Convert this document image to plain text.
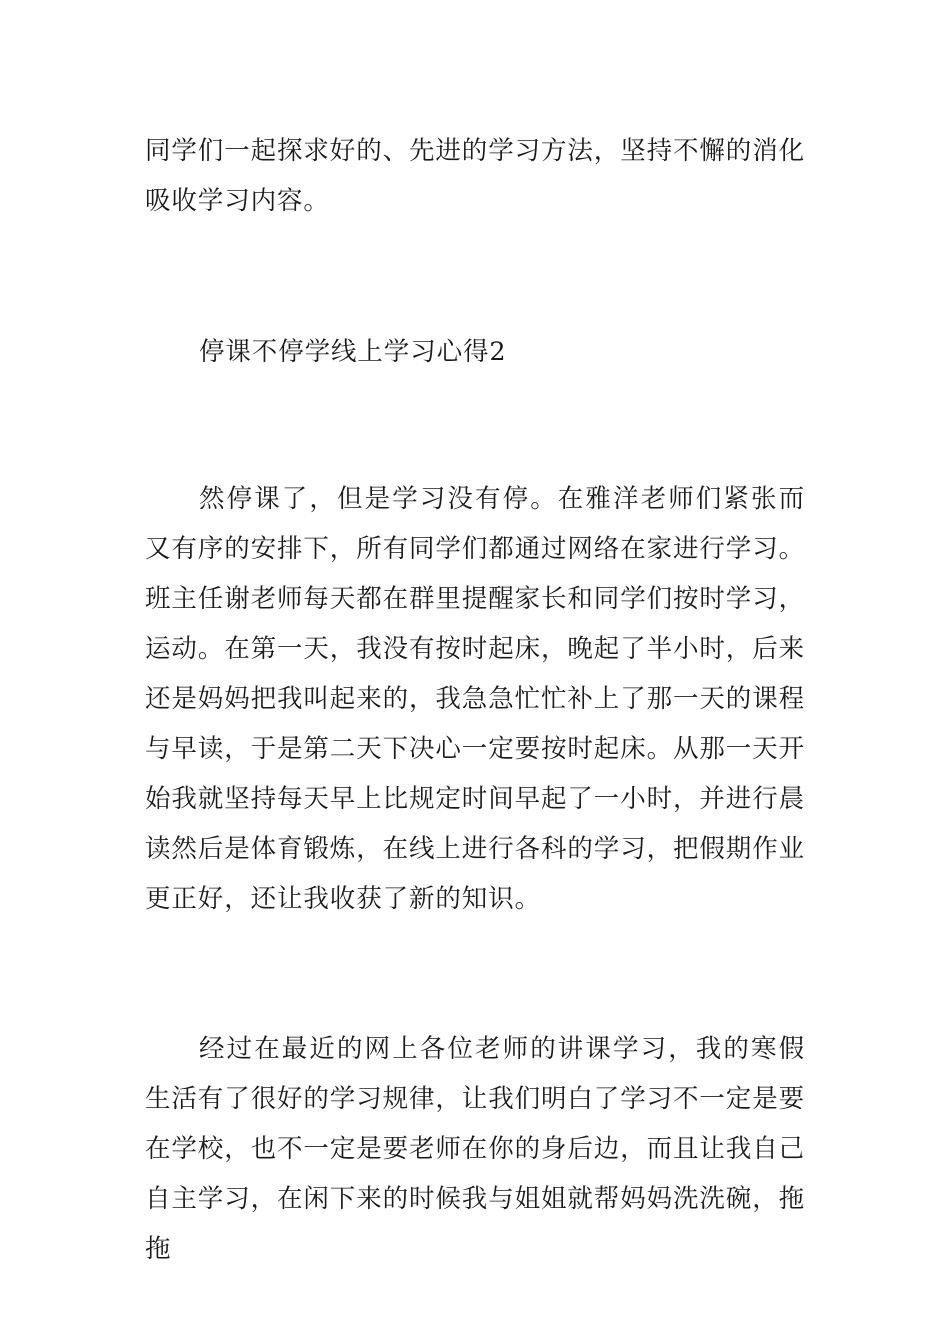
同学们一起探求好的、先进的学习方法，坚持不懈的消化吸收学习内容。

停课不停学线上学习心得2

然停课了，但是学习没有停。在雅洋老师们紧张而又有序的安排下，所有同学们都通过网络在家进行学习。班主任谢老师每天都在群里提醒家长和同学们按时学习，运动。在第一天，我没有按时起床，晚起了半小时，后来还是妈妈把我叫起来的，我急急忙忙补上了那一天的课程与早读，于是第二天下决心一定要按时起床。从那一天开始我就坚持每天早上比规定时间早起了一小时，并进行晨读然后是体育锻炼，在线上进行各科的学习，把假期作业更正好，还让我收获了新的知识。

经过在最近的网上各位老师的讲课学习，我的寒假生活有了很好的学习规律，让我们明白了学习不一定是要在学校，也不一定是要老师在你的身后边，而且让我自己自主学习，在闲下来的时候我与姐姐就帮妈妈洗洗碗，拖拖
